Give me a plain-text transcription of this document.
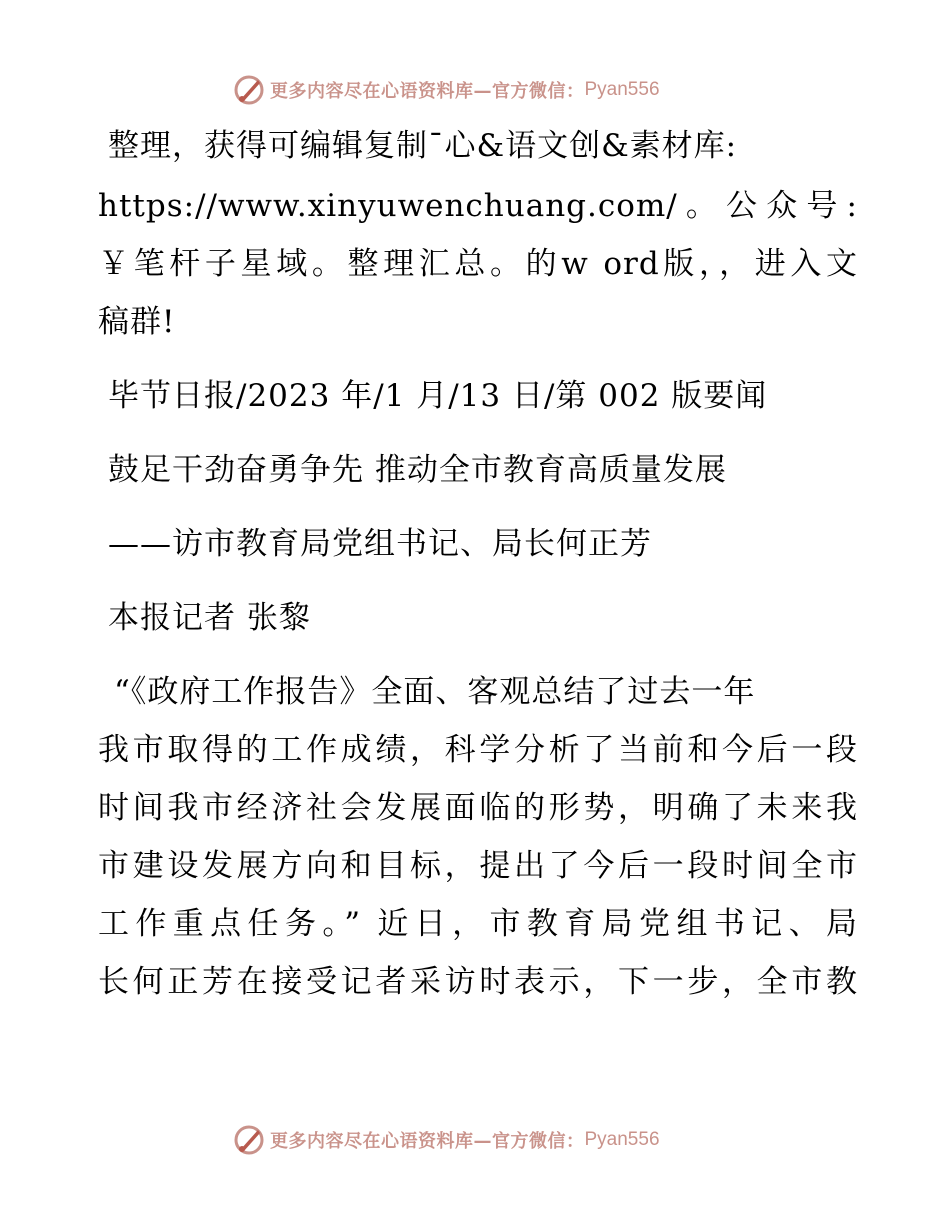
更多内容尽在心语资料库—官方微信： Pyan556
整理，获得可编辑复制¯心&语文创&素材库:
https://www.xinyuwenchuang.com/。公众号:
￥笔杆子星域。整理汇总。的w ord版，，进入文
稿群!
毕节日报/2023 年/1 月/13 日/第 002 版要闻
鼓足干劲奋勇争先 推动全市教育高质量发展
——访市教育局党组书记、局长何正芳
本报记者 张黎
“《政府工作报告》全面、客观总结了过去一年
我市取得的工作成绩，科学分析了当前和今后一段
时间我市经济社会发展面临的形势，明确了未来我
市建设发展方向和目标，提出了今后一段时间全市
工作重点任务。” 近日，市教育局党组书记、局
长何正芳在接受记者采访时表示，下一步，全市教
更多内容尽在心语资料库—官方微信： Pyan556
